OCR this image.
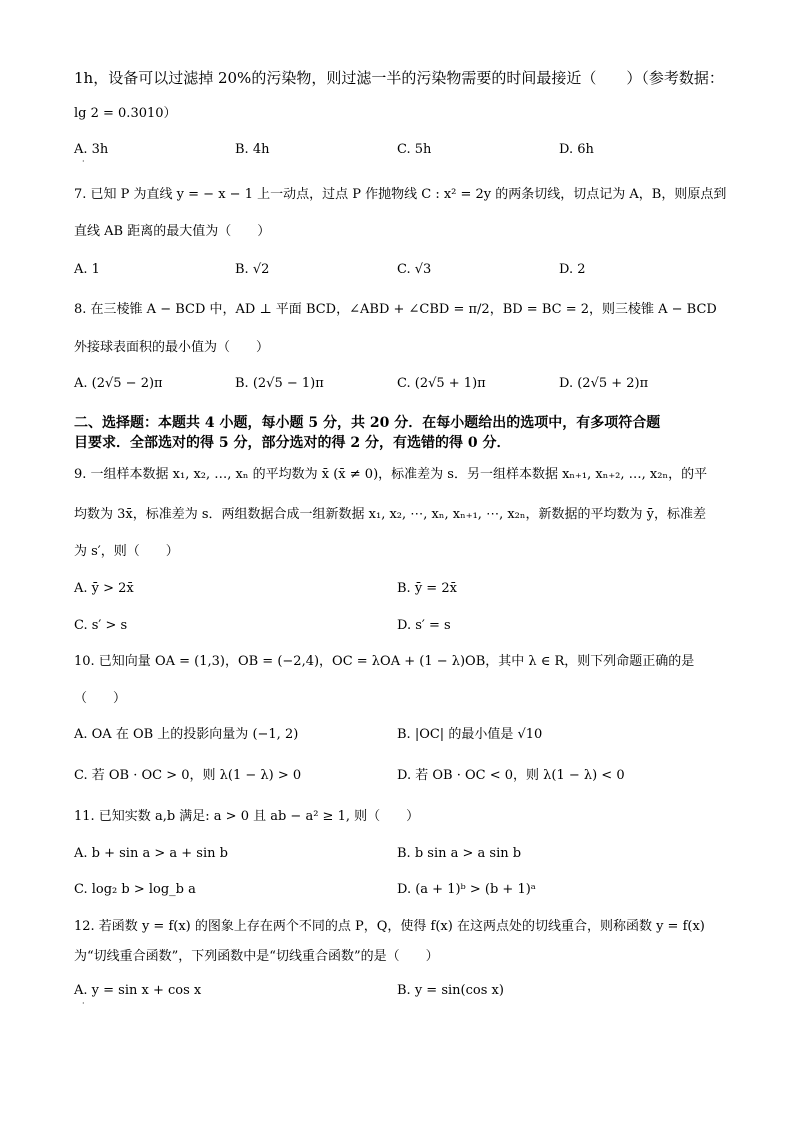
1h，设备可以过滤掉 20%的污染物，则过滤一半的污染物需要的时间最接近（　　）（参考数据：
lg 2 = 0.3010）
A. 3h	B. 4h	C. 5h	D. 6h
·
7. 已知 P 为直线 y = − x − 1 上一动点，过点 P 作抛物线 C : x² = 2y 的两条切线，切点记为 A，B，则原点到
直线 AB 距离的最大值为（　　）
A. 1	B. √2	C. √3	D. 2
8. 在三棱锥 A − BCD 中，AD ⊥ 平面 BCD，∠ABD + ∠CBD = π/2，BD = BC = 2，则三棱锥 A − BCD
外接球表面积的最小值为（　　）
A. (2√5 − 2)π	B. (2√5 − 1)π	C. (2√5 + 1)π	D. (2√5 + 2)π
二、选择题：本题共 4 小题，每小题 5 分，共 20 分．在每小题给出的选项中，有多项符合题
目要求．全部选对的得 5 分，部分选对的得 2 分，有选错的得 0 分．
9. 一组样本数据 x₁, x₂, …, xₙ 的平均数为 x̄ (x̄ ≠ 0)，标准差为 s．另一组样本数据 xₙ₊₁, xₙ₊₂, …, x₂ₙ，的平
均数为 3x̄，标准差为 s．两组数据合成一组新数据 x₁, x₂, ⋯, xₙ, xₙ₊₁, ⋯, x₂ₙ，新数据的平均数为 ȳ，标准差
为 s′，则（　　）
A. ȳ > 2x̄	B. ȳ = 2x̄
C. s′ > s	D. s′ = s
10. 已知向量 OA = (1,3)，OB = (−2,4)，OC = λOA + (1 − λ)OB，其中 λ ∈ R，则下列命题正确的是
（　　）
A. OA 在 OB 上的投影向量为 (−1, 2)	B. |OC| 的最小值是 √10
C. 若 OB · OC > 0，则 λ(1 − λ) > 0	D. 若 OB · OC < 0，则 λ(1 − λ) < 0
11. 已知实数 a,b 满足: a > 0 且 ab − a² ≥ 1, 则（　　）
A. b + sin a > a + sin b	B. b sin a > a sin b
C. log₂ b > log_b a	D. (a + 1)ᵇ > (b + 1)ᵃ
12. 若函数 y = f(x) 的图象上存在两个不同的点 P，Q，使得 f(x) 在这两点处的切线重合，则称函数 y = f(x)
为“切线重合函数”，下列函数中是“切线重合函数”的是（　　）
A. y = sin x + cos x	B. y = sin(cos x)
·
